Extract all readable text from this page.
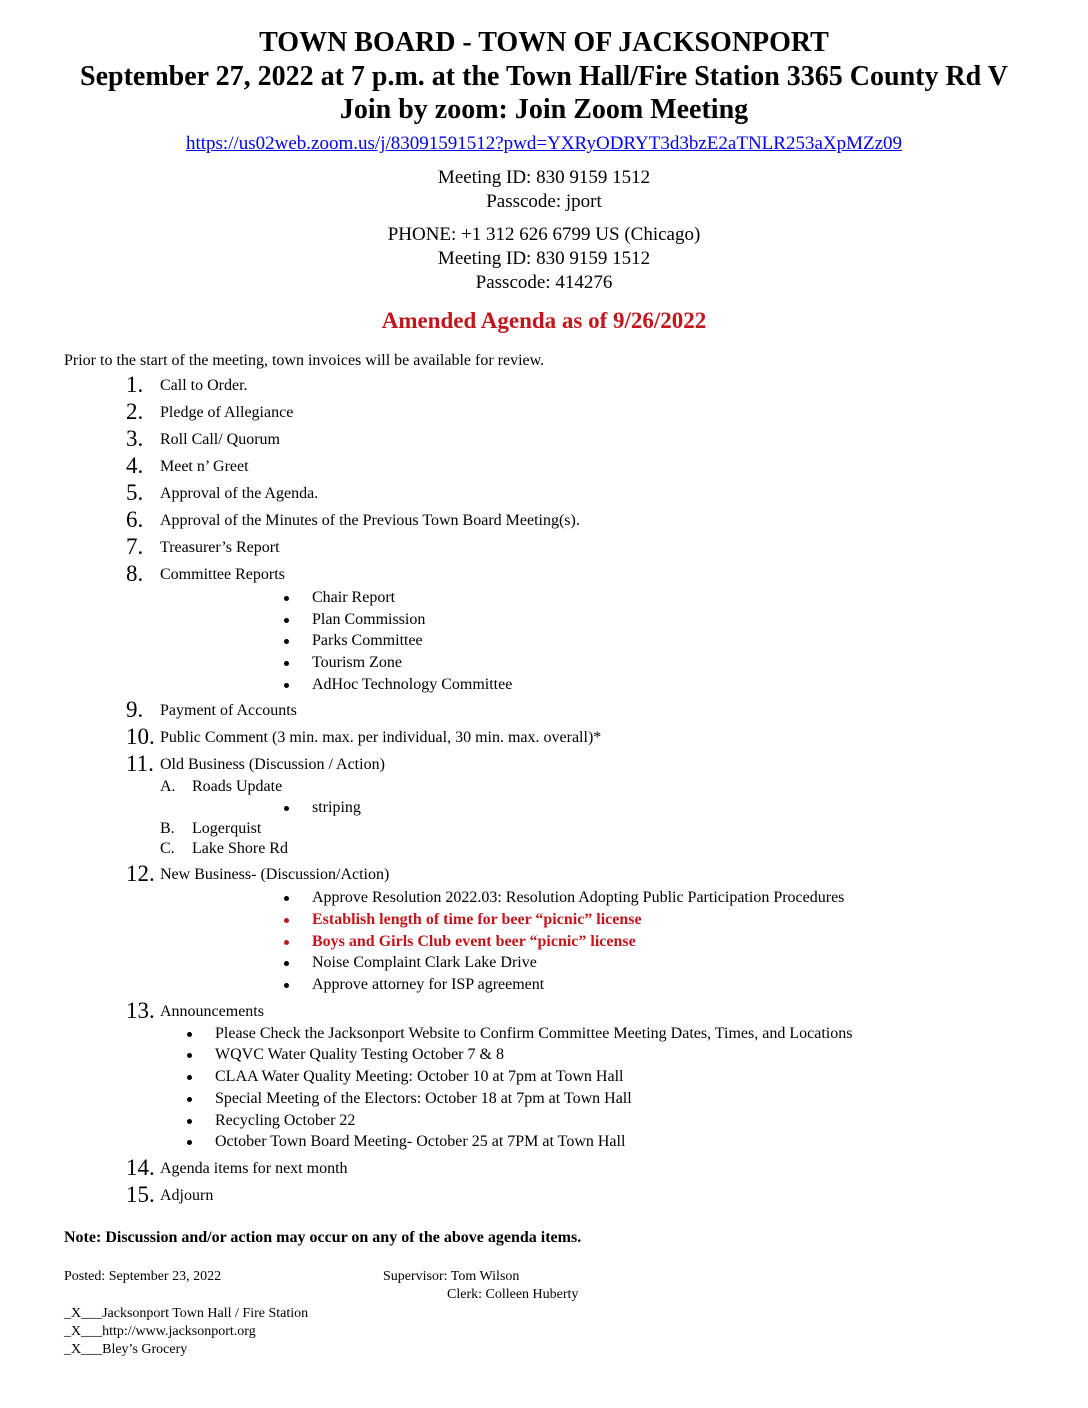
TOWN BOARD - TOWN OF JACKSONPORT
September 27, 2022 at 7 p.m. at the Town Hall/Fire Station 3365 County Rd V
Join by zoom: Join Zoom Meeting
https://us02web.zoom.us/j/83091591512?pwd=YXRyODRYT3d3bzE2aTNLR253aXpMZz09
Meeting ID: 830 9159 1512
Passcode: jport
PHONE: +1 312 626 6799 US (Chicago)
Meeting ID: 830 9159 1512
Passcode: 414276
Amended Agenda as of 9/26/2022
Prior to the start of the meeting, town invoices will be available for review.
1. Call to Order.
2. Pledge of Allegiance
3. Roll Call/ Quorum
4. Meet n’ Greet
5. Approval of the Agenda.
6. Approval of the Minutes of the Previous Town Board Meeting(s).
7. Treasurer’s Report
8. Committee Reports
Chair Report
Plan Commission
Parks Committee
Tourism Zone
AdHoc Technology Committee
9. Payment of Accounts
10. Public Comment (3 min. max. per individual, 30 min. max. overall)*
11. Old Business (Discussion / Action)
A. Roads Update
striping
B. Logerquist
C. Lake Shore Rd
12. New Business- (Discussion/Action)
Approve Resolution 2022.03: Resolution Adopting Public Participation Procedures
Establish length of time for beer “picnic” license
Boys and Girls Club event beer “picnic” license
Noise Complaint Clark Lake Drive
Approve attorney for ISP agreement
13. Announcements
Please Check the Jacksonport Website to Confirm Committee Meeting Dates, Times, and Locations
WQVC Water Quality Testing October 7 & 8
CLAA Water Quality Meeting: October 10 at 7pm at Town Hall
Special Meeting of the Electors: October 18 at 7pm at Town Hall
Recycling October 22
October Town Board Meeting- October 25 at 7PM at Town Hall
14. Agenda items for next month
15. Adjourn
Note: Discussion and/or action may occur on any of the above agenda items.
Posted: September 23, 2022	Supervisor: Tom Wilson
Clerk: Colleen Huberty
_X___Jacksonport Town Hall / Fire Station
_X___http://www.jacksonport.org
_X___Bley’s Grocery
